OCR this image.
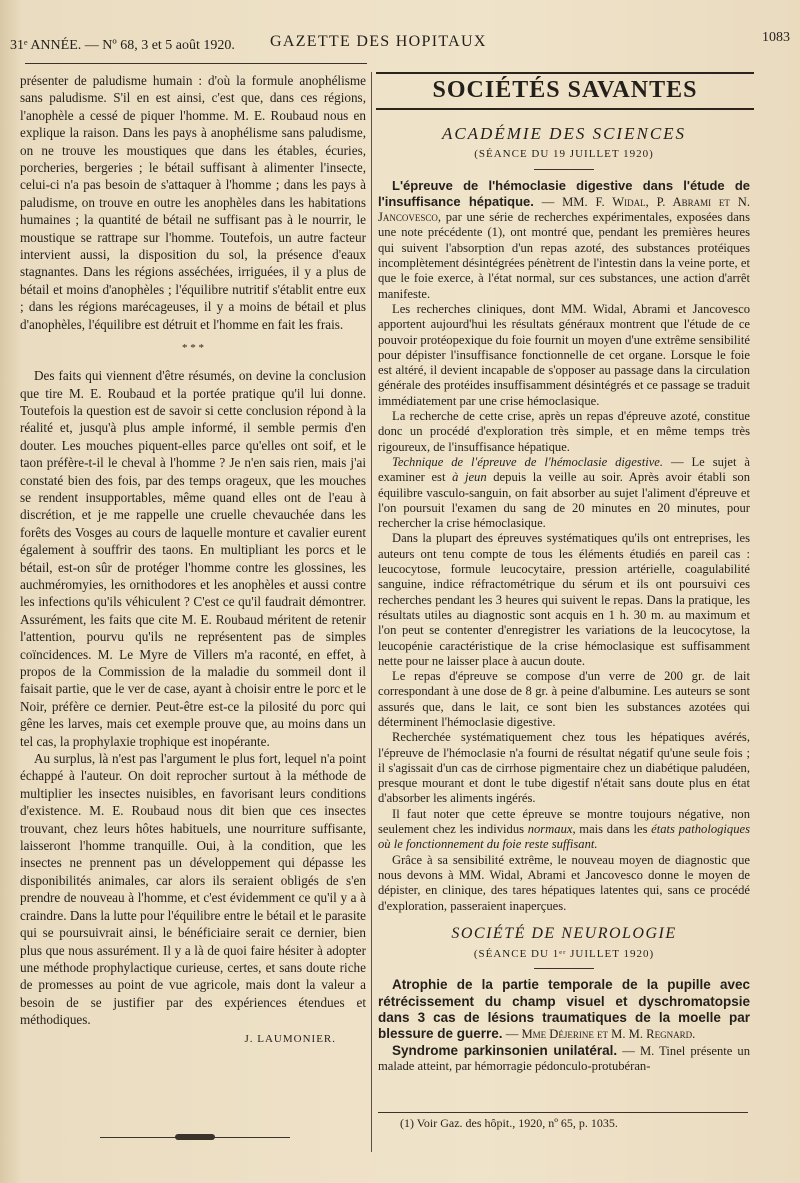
31ᵉ ANNÉE. — Nº 68, 3 et 5 août 1920. GAZETTE DES HOPITAUX	1083

présenter de paludisme humain : d'où la formule anophélisme sans paludisme. S'il en est ainsi, c'est que, dans ces régions, l'anophèle a cessé de piquer l'homme. M. E. Roubaud nous en explique la raison. Dans les pays à anophélisme sans paludisme, on ne trouve les moustiques que dans les étables, écuries, porcheries, bergeries ; le bétail suffisant à alimenter l'insecte, celui-ci n'a pas besoin de s'attaquer à l'homme ; dans les pays à paludisme, on trouve en outre les anophèles dans les habitations humaines ; la quantité de bétail ne suffisant pas à le nourrir, le moustique se rattrape sur l'homme. Toutefois, un autre facteur intervient aussi, la disposition du sol, la présence d'eaux stagnantes. Dans les régions asséchées, irriguées, il y a plus de bétail et moins d'anophèles ; l'équilibre nutritif s'établit entre eux ; dans les régions marécageuses, il y a moins de bétail et plus d'anophèles, l'équilibre est détruit et l'homme en fait les frais.

* * *

Des faits qui viennent d'être résumés, on devine la conclusion que tire M. E. Roubaud et la portée pratique qu'il lui donne. Toutefois la question est de savoir si cette conclusion répond à la réalité et, jusqu'à plus ample informé, il semble permis d'en douter. Les mouches piquent-elles parce qu'elles ont soif, et le taon préfère-t-il le cheval à l'homme ? Je n'en sais rien, mais j'ai constaté bien des fois, par des temps orageux, que les mouches se rendent insupportables, même quand elles ont de l'eau à discrétion, et je me rappelle une cruelle chevauchée dans les forêts des Vosges au cours de laquelle monture et cavalier eurent également à souffrir des taons. En multipliant les porcs et le bétail, est-on sûr de protéger l'homme contre les glossines, les auchméromyies, les ornithodores et les anophèles et aussi contre les infections qu'ils véhiculent ? C'est ce qu'il faudrait démontrer. Assurément, les faits que cite M. E. Roubaud méritent de retenir l'attention, pourvu qu'ils ne représentent pas de simples coïncidences. M. Le Myre de Villers m'a raconté, en effet, à propos de la Commission de la maladie du sommeil dont il faisait partie, que le ver de case, ayant à choisir entre le porc et le Noir, préfère ce dernier. Peut-être est-ce la pilosité du porc qui gêne les larves, mais cet exemple prouve que, au moins dans un tel cas, la prophylaxie trophique est inopérante.

Au surplus, là n'est pas l'argument le plus fort, lequel n'a point échappé à l'auteur. On doit reprocher surtout à la méthode de multiplier les insectes nuisibles, en favorisant leurs conditions d'existence. M. E. Roubaud nous dit bien que ces insectes trouvant, chez leurs hôtes habituels, une nourriture suffisante, laisseront l'homme tranquille. Oui, à la condition, que les insectes ne prennent pas un développement qui dépasse les disponibilités animales, car alors ils seraient obligés de s'en prendre de nouveau à l'homme, et c'est évidemment ce qu'il y a à craindre. Dans la lutte pour l'équilibre entre le bétail et le parasite qui se poursuivrait ainsi, le bénéficiaire serait ce dernier, bien plus que nous assurément. Il y a là de quoi faire hésiter à adopter une méthode prophylactique curieuse, certes, et sans doute riche de promesses au point de vue agricole, mais dont la valeur a besoin de se justifier par des expériences étendues et méthodiques.

J. LAUMONIER.
SOCIÉTÉS SAVANTES
ACADÉMIE DES SCIENCES
(SÉANCE DU 19 JUILLET 1920)

L'épreuve de l'hémoclasie digestive dans l'étude de l'insuffisance hépatique. — MM. F. Widal, P. Abrami et N. Jancovesco, par une série de recherches expérimentales, exposées dans une note précédente (1), ont montré que, pendant les premières heures qui suivent l'absorption d'un repas azoté, des substances protéiques incomplètement désintégrées pénètrent de l'intestin dans la veine porte, et que le foie exerce, à l'état normal, sur ces substances, une action d'arrêt manifeste.

Les recherches cliniques, dont MM. Widal, Abrami et Jancovesco apportent aujourd'hui les résultats généraux montrent que l'étude de ce pouvoir protéopexique du foie fournit un moyen d'une extrême sensibilité pour dépister l'insuffisance fonctionnelle de cet organe. Lorsque le foie est altéré, il devient incapable de s'opposer au passage dans la circulation générale des protéides insuffisamment désintégrés et ce passage se traduit immédiatement par une crise hémoclasique.

La recherche de cette crise, après un repas d'épreuve azoté, constitue donc un procédé d'exploration très simple, et en même temps très rigoureux, de l'insuffisance hépatique.

Technique de l'épreuve de l'hémoclasie digestive. — Le sujet à examiner est à jeun depuis la veille au soir. Après avoir établi son équilibre vasculo-sanguin, on fait absorber au sujet l'aliment d'épreuve et l'on poursuit l'examen du sang de 20 minutes en 20 minutes, pour rechercher la crise hémoclasique.

Dans la plupart des épreuves systématiques qu'ils ont entreprises, les auteurs ont tenu compte de tous les éléments étudiés en pareil cas : leucocytose, formule leucocytaire, pression artérielle, coagulabilité sanguine, indice réfractométrique du sérum et ils ont poursuivi ces recherches pendant les 3 heures qui suivent le repas. Dans la pratique, les résultats utiles au diagnostic sont acquis en 1 h. 30 m. au maximum et l'on peut se contenter d'enregistrer les variations de la leucocytose, la leucopénie caractéristique de la crise hémoclasique est suffisamment nette pour ne laisser place à aucun doute.

Le repas d'épreuve se compose d'un verre de 200 gr. de lait correspondant à une dose de 8 gr. à peine d'albumine. Les auteurs se sont assurés que, dans le lait, ce sont bien les substances azotées qui déterminent l'hémoclasie digestive.

Recherchée systématiquement chez tous les hépatiques avérés, l'épreuve de l'hémoclasie n'a fourni de résultat négatif qu'une seule fois ; il s'agissait d'un cas de cirrhose pigmentaire chez un diabétique paludéen, presque mourant et dont le tube digestif n'était sans doute plus en état d'absorber les aliments ingérés.

Il faut noter que cette épreuve se montre toujours négative, non seulement chez les individus normaux, mais dans les états pathologiques où le fonctionnement du foie reste suffisant.

Grâce à sa sensibilité extrême, le nouveau moyen de diagnostic que nous devons à MM. Widal, Abrami et Jancovesco donne le moyen de dépister, en clinique, des tares hépatiques latentes qui, sans ce procédé d'exploration, passeraient inaperçues.

SOCIÉTÉ DE NEUROLOGIE
(SÉANCE DU 1ᵉʳ JUILLET 1920)

Atrophie de la partie temporale de la pupille avec rétrécissement du champ visuel et dyschromatopsie dans 3 cas de lésions traumatiques de la moelle par blessure de guerre. — Mme Déjerine et M. M. Regnard.

Syndrome parkinsonien unilatéral. — M. Tinel présente un malade atteint, par hémorragie pédonculo-protubéran-

(1) Voir Gaz. des hôpit., 1920, nº 65, p. 1035.
